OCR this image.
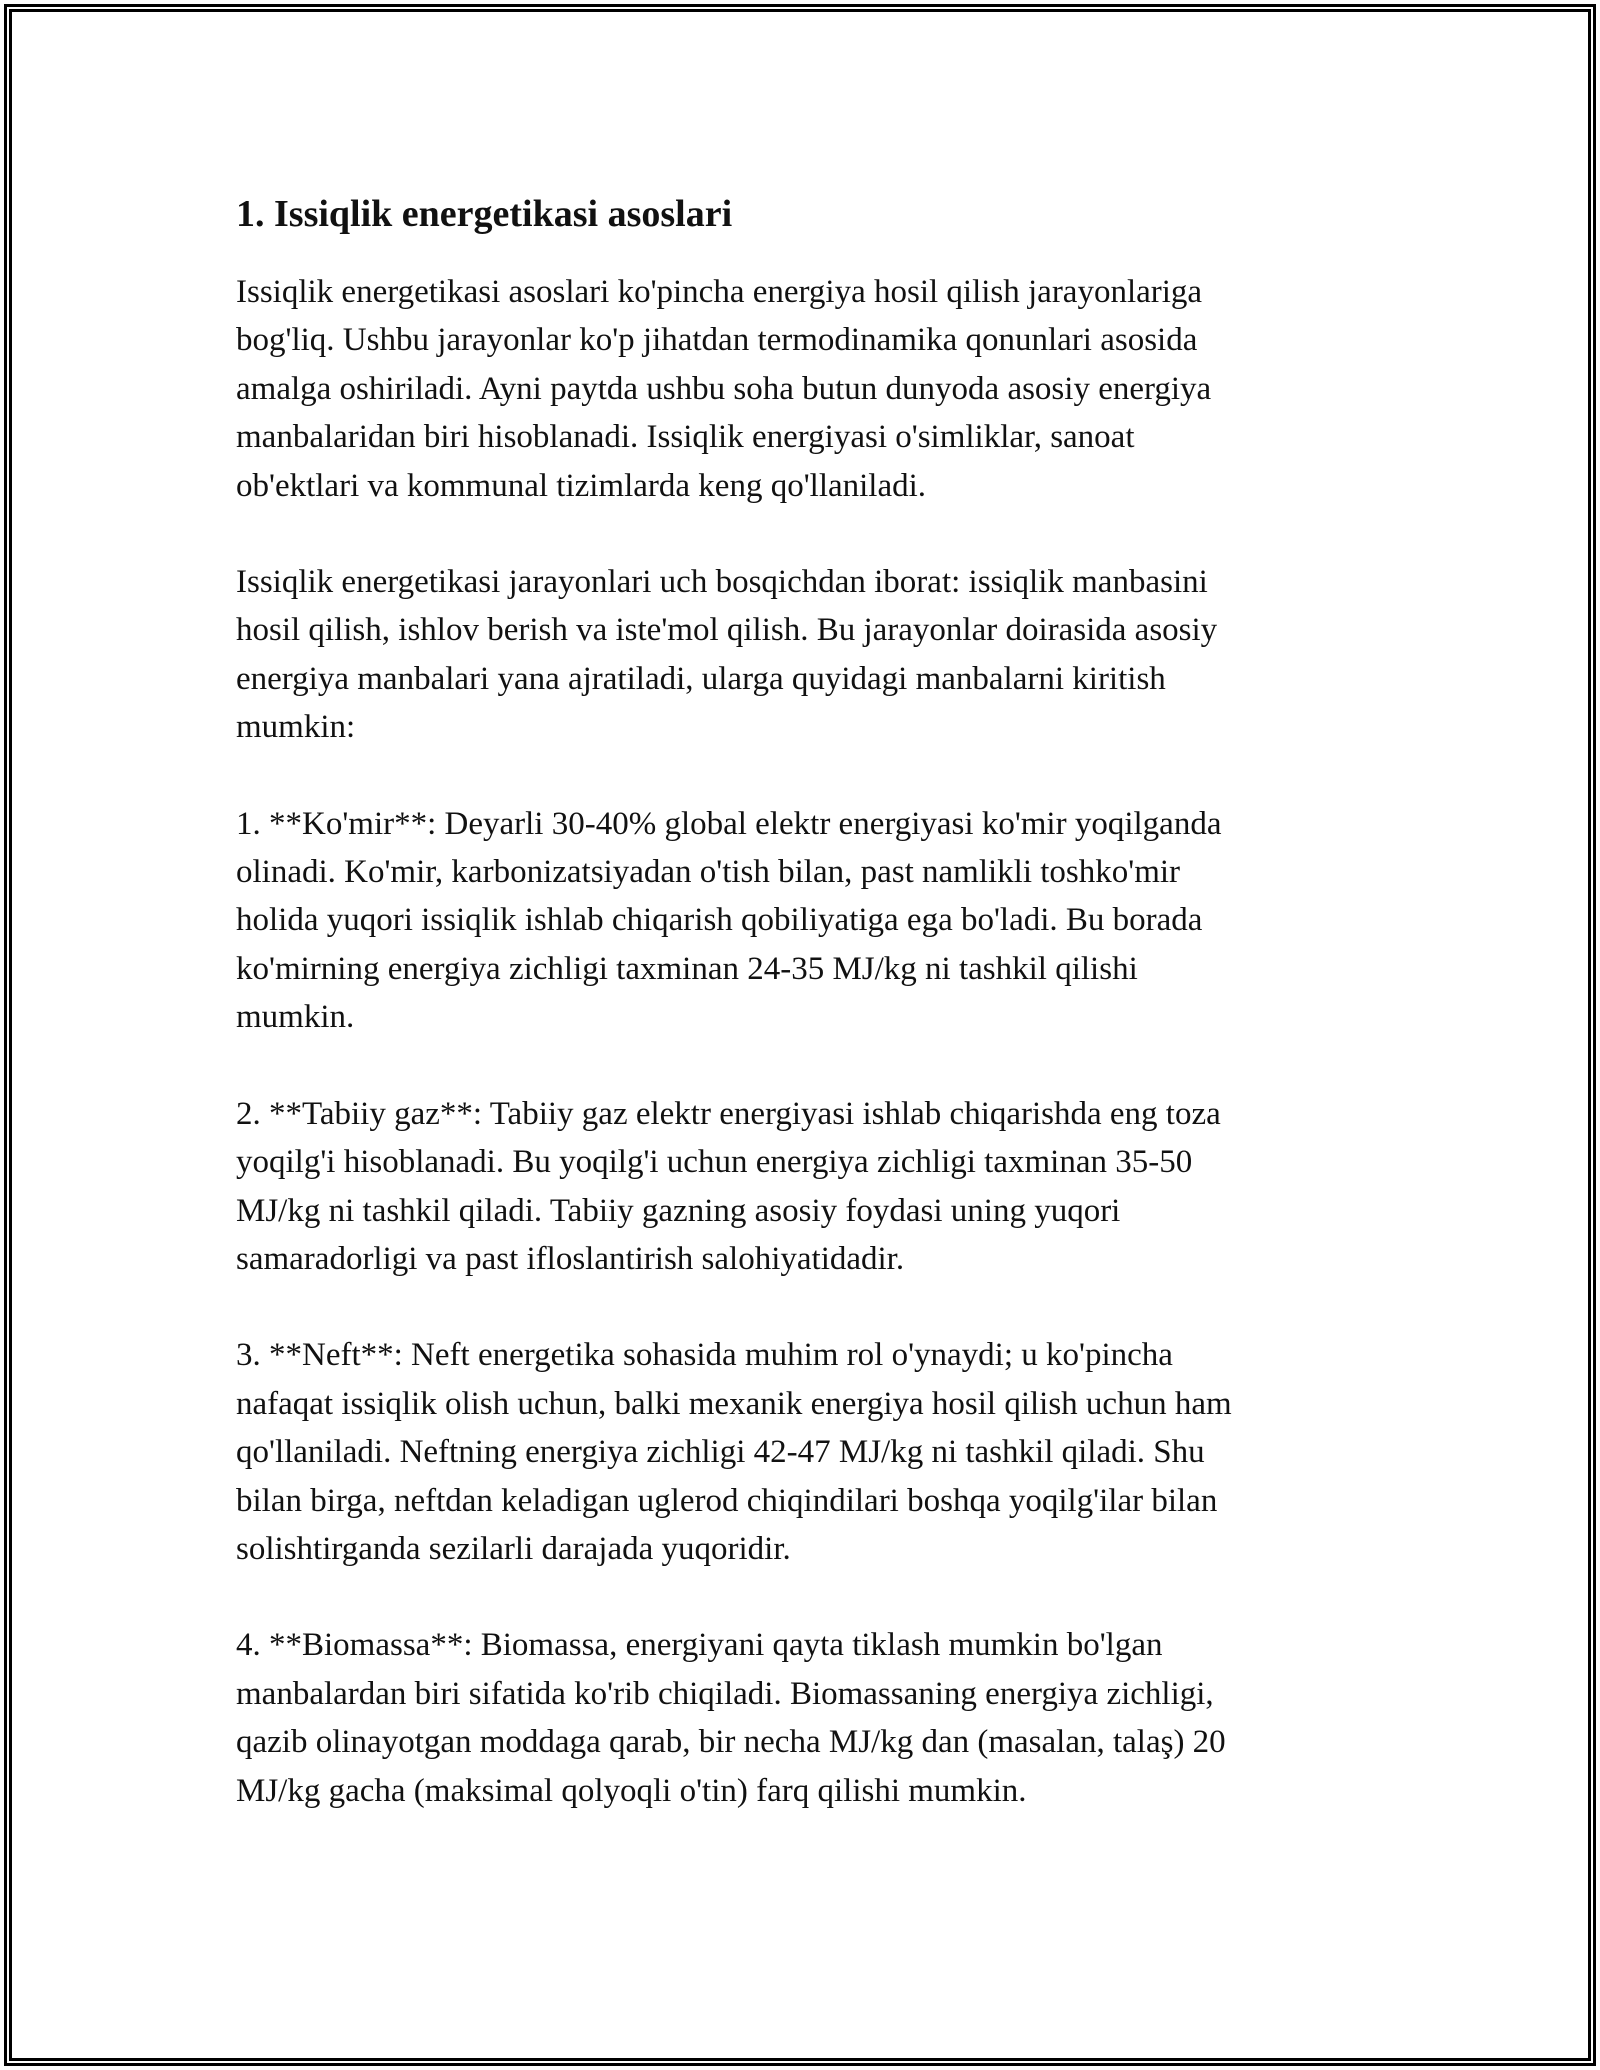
1. Issiqlik energetikasi asoslari

Issiqlik energetikasi asoslari ko'pincha energiya hosil qilish jarayonlariga
bog'liq. Ushbu jarayonlar ko'p jihatdan termodinamika qonunlari asosida
amalga oshiriladi. Ayni paytda ushbu soha butun dunyoda asosiy energiya
manbalaridan biri hisoblanadi. Issiqlik energiyasi o'simliklar, sanoat
ob'ektlari va kommunal tizimlarda keng qo'llaniladi.

Issiqlik energetikasi jarayonlari uch bosqichdan iborat: issiqlik manbasini
hosil qilish, ishlov berish va iste'mol qilish. Bu jarayonlar doirasida asosiy
energiya manbalari yana ajratiladi, ularga quyidagi manbalarni kiritish
mumkin:

1. **Ko'mir**: Deyarli 30-40% global elektr energiyasi ko'mir yoqilganda
olinadi. Ko'mir, karbonizatsiyadan o'tish bilan, past namlikli toshko'mir
holida yuqori issiqlik ishlab chiqarish qobiliyatiga ega bo'ladi. Bu borada
ko'mirning energiya zichligi taxminan 24-35 MJ/kg ni tashkil qilishi
mumkin.

2. **Tabiiy gaz**: Tabiiy gaz elektr energiyasi ishlab chiqarishda eng toza
yoqilg'i hisoblanadi. Bu yoqilg'i uchun energiya zichligi taxminan 35-50
MJ/kg ni tashkil qiladi. Tabiiy gazning asosiy foydasi uning yuqori
samaradorligi va past ifloslantirish salohiyatidadir.

3. **Neft**: Neft energetika sohasida muhim rol o'ynaydi; u ko'pincha
nafaqat issiqlik olish uchun, balki mexanik energiya hosil qilish uchun ham
qo'llaniladi. Neftning energiya zichligi 42-47 MJ/kg ni tashkil qiladi. Shu
bilan birga, neftdan keladigan uglerod chiqindilari boshqa yoqilg'ilar bilan
solishtirganda sezilarli darajada yuqoridir.

4. **Biomassa**: Biomassa, energiyani qayta tiklash mumkin bo'lgan
manbalardan biri sifatida ko'rib chiqiladi. Biomassaning energiya zichligi,
qazib olinayotgan moddaga qarab, bir necha MJ/kg dan (masalan, talaş) 20
MJ/kg gacha (maksimal qolyoqli o'tin) farq qilishi mumkin.
